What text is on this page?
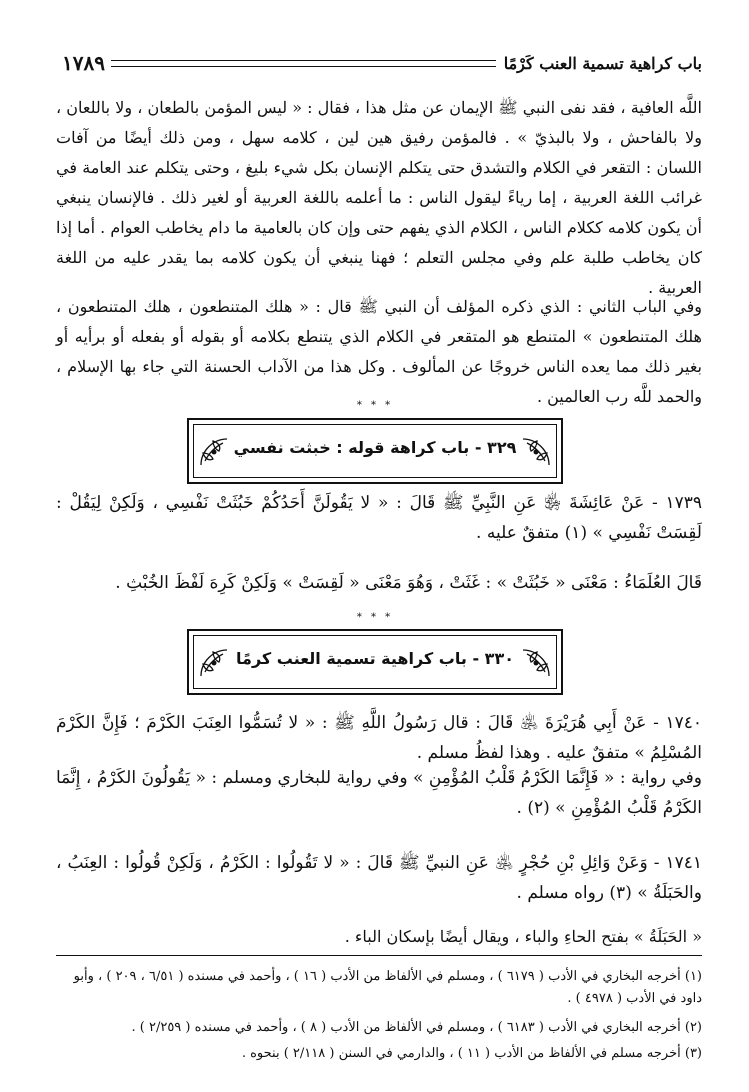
باب كراهية تسمية العنب كَرْمًا
١٧٨٩

اللَّه العافية ، فقد نفى النبي ﷺ الإيمان عن مثل هذا ، فقال : « ليس المؤمن بالطعان ، ولا باللعان ، ولا بالفاحش ، ولا بالبذيّ » . فالمؤمن رفيق هين لين ، كلامه سهل ، ومن ذلك أيضًا من آفات اللسان : التقعر في الكلام والتشدق حتى يتكلم الإنسان بكل شيء بليغ ، وحتى يتكلم عند العامة في غرائب اللغة العربية ، إما رياءً ليقول الناس : ما أعلمه باللغة العربية أو لغير ذلك . فالإنسان ينبغي أن يكون كلامه ككلام الناس ، الكلام الذي يفهم حتى وإن كان بالعامية ما دام يخاطب العوام . أما إذا كان يخاطب طلبة علم وفي مجلس التعلم ؛ فهنا ينبغي أن يكون كلامه بما يقدر عليه من اللغة العربية .

وفي الباب الثاني : الذي ذكره المؤلف أن النبي ﷺ قال : « هلك المتنطعون ، هلك المتنطعون ، هلك المتنطعون » المتنطع هو المتقعر في الكلام الذي يتنطع بكلامه أو بقوله أو بفعله أو برأيه أو بغير ذلك مما يعده الناس خروجًا عن المألوف . وكل هذا من الآداب الحسنة التي جاء بها الإسلام ، والحمد للَّه رب العالمين .

* * *
٣٢٩ - باب كراهة قوله : خبثت نفسي

١٧٣٩ - عَنْ عَائِشَةَ ﵂ عَنِ النَّبِيِّ ﷺ قَالَ : « لا يَقُولَنَّ أَحَدُكُمْ خَبُثَتْ نَفْسِي ، وَلَكِنْ لِيَقُلْ : لَقِسَتْ نَفْسِي » (١) متفقٌ عليه .

قَالَ العُلَمَاءُ : مَعْنَى « خَبُثَتْ » : غَثَتْ ، وَهُوَ مَعْنَى « لَقِسَتْ » وَلَكِنْ كَرِهَ لَفْظَ الخُبْثِ .

* * *
٣٣٠ - باب كراهية تسمية العنب كرمًا

١٧٤٠ - عَنْ أَبِي هُرَيْرَةَ ﵁ قَالَ : قال رَسُولُ اللَّهِ ﷺ : « لا تُسَمُّوا العِنَبَ الكَرْمَ ؛ فَإِنَّ الكَرْمَ المُسْلِمُ » متفقٌ عليه . وهذا لفظُ مسلم .

وفي رواية : « فَإِنَّمَا الكَرْمُ قَلْبُ المُؤْمِنِ » وفي رواية للبخاري ومسلم : « يَقُولُونَ الكَرْمُ ، إِنَّمَا الكَرْمُ قَلْبُ المُؤْمِنِ » (٢) .

١٧٤١ - وَعَنْ وَائِلِ بْنِ حُجْرٍ ﵁ عَنِ النبيِّ ﷺ قَالَ : « لا تَقُولُوا : الكَرْمُ ، وَلَكِنْ قُولُوا : العِنَبُ ، والحَبَلَةُ » (٣) رواه مسلم .

« الحَبَلَةُ » بفتح الحاءِ والباء ، ويقال أيضًا بإسكان الباء .

(١) أخرجه البخاري في الأدب ( ٦١٧٩ ) ، ومسلم في الألفاظ من الأدب ( ١٦ ) ، وأحمد في مسنده ( ٦/٥١ ، ٢٠٩ ) ، وأبو داود في الأدب ( ٤٩٧٨ ) .

(٢) أخرجه البخاري في الأدب ( ٦١٨٣ ) ، ومسلم في الألفاظ من الأدب ( ٨ ) ، وأحمد في مسنده ( ٢/٢٥٩ ) .

(٣) أخرجه مسلم في الألفاظ من الأدب ( ١١ ) ، والدارمي في السنن ( ٢/١١٨ ) بنحوه .
